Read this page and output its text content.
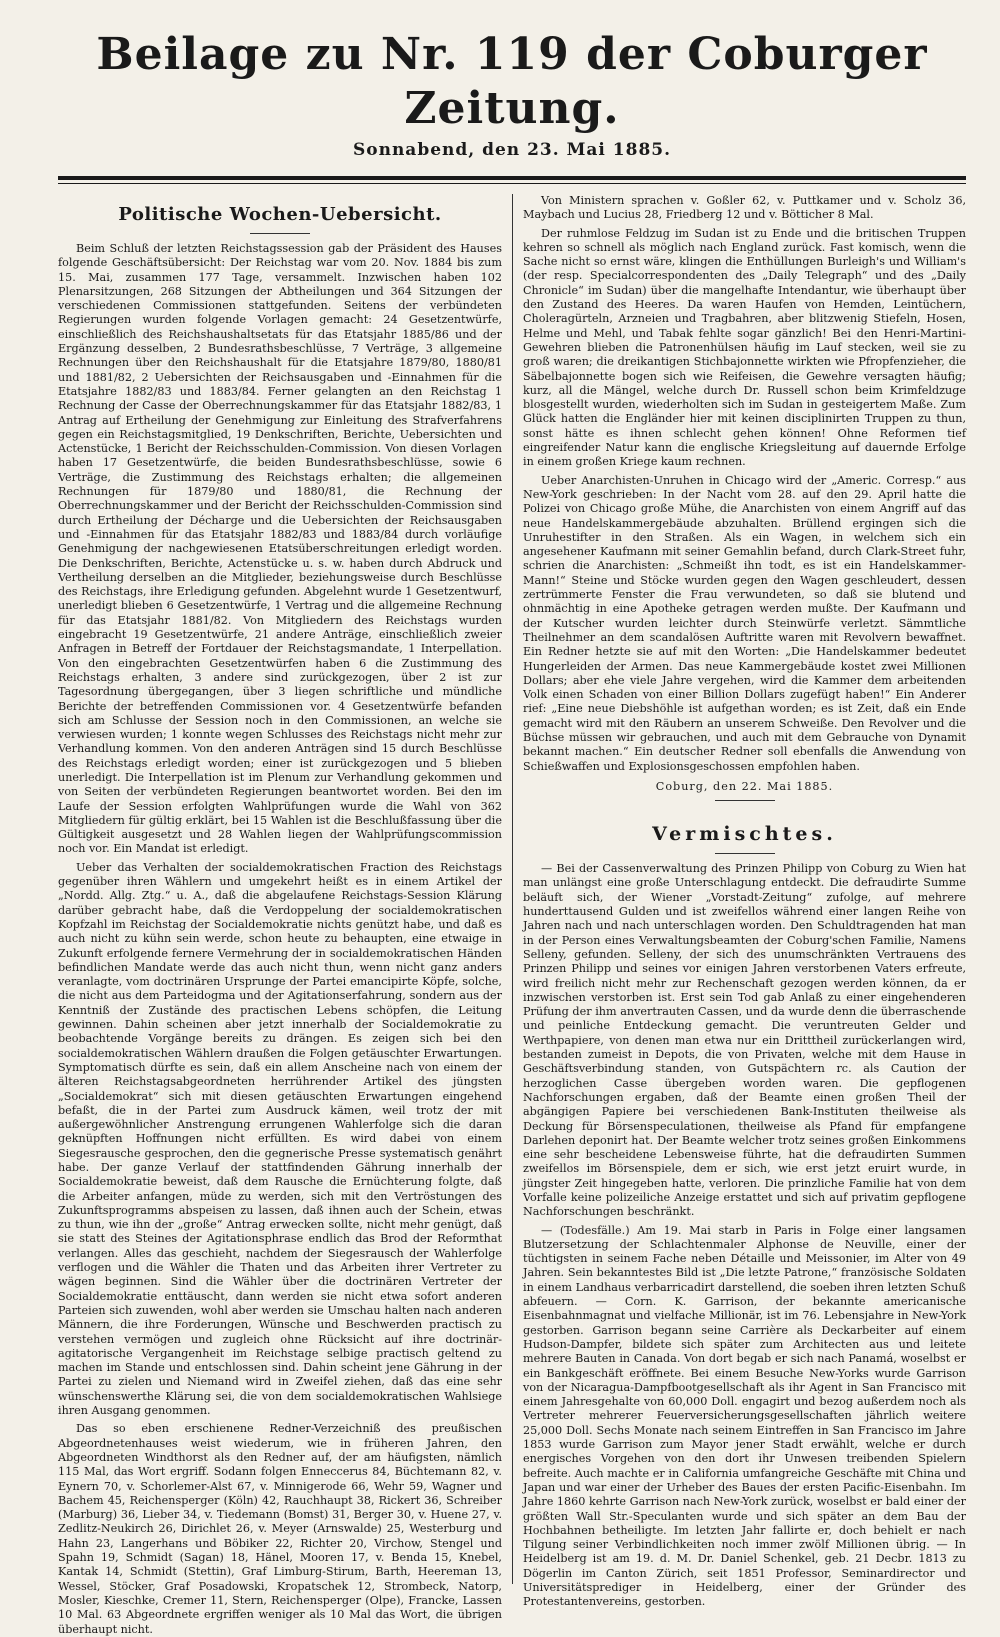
Beilage zu Nr. 119 der Coburger Zeitung.
Sonnabend, den 23. Mai 1885.
Politische Wochen-Uebersicht.

Beim Schluß der letzten Reichstagssession gab der Präsident des Hauses folgende Geschäftsübersicht: Der Reichstag war vom 20. Nov. 1884 bis zum 15. Mai, zusammen 177 Tage, versammelt. Inzwischen haben 102 Plenarsitzungen, 268 Sitzungen der Abtheilungen und 364 Sitzungen der verschiedenen Commissionen stattgefunden. Seitens der verbündeten Regierungen wurden folgende Vorlagen gemacht: 24 Gesetzentwürfe, einschließlich des Reichshaushaltsetats für das Etatsjahr 1885/86 und der Ergänzung desselben, 2 Bundesrathsbeschlüsse, 7 Verträge, 3 allgemeine Rechnungen über den Reichshaushalt für die Etatsjahre 1879/80, 1880/81 und 1881/82, 2 Uebersichten der Reichsausgaben und -Einnahmen für die Etatsjahre 1882/83 und 1883/84. Ferner gelangten an den Reichstag 1 Rechnung der Casse der Oberrechnungskammer für das Etatsjahr 1882/83, 1 Antrag auf Ertheilung der Genehmigung zur Einleitung des Strafverfahrens gegen ein Reichstagsmitglied, 19 Denkschriften, Berichte, Uebersichten und Actenstücke, 1 Bericht der Reichsschulden-Commission. Von diesen Vorlagen haben 17 Gesetzentwürfe, die beiden Bundesrathsbeschlüsse, sowie 6 Verträge, die Zustimmung des Reichstags erhalten; die allgemeinen Rechnungen für 1879/80 und 1880/81, die Rechnung der Oberrechnungskammer und der Bericht der Reichsschulden-Commission sind durch Ertheilung der Décharge und die Uebersichten der Reichsausgaben und -Einnahmen für das Etatsjahr 1882/83 und 1883/84 durch vorläufige Genehmigung der nachgewiesenen Etatsüberschreitungen erledigt worden. Die Denkschriften, Berichte, Actenstücke u. s. w. haben durch Abdruck und Vertheilung derselben an die Mitglieder, beziehungsweise durch Beschlüsse des Reichstags, ihre Erledigung gefunden. Abgelehnt wurde 1 Gesetzentwurf, unerledigt blieben 6 Gesetzentwürfe, 1 Vertrag und die allgemeine Rechnung für das Etatsjahr 1881/82. Von Mitgliedern des Reichstags wurden eingebracht 19 Gesetzentwürfe, 21 andere Anträge, einschließlich zweier Anfragen in Betreff der Fortdauer der Reichstagsmandate, 1 Interpellation. Von den eingebrachten Gesetzentwürfen haben 6 die Zustimmung des Reichstags erhalten, 3 andere sind zurückgezogen, über 2 ist zur Tagesordnung übergegangen, über 3 liegen schriftliche und mündliche Berichte der betreffenden Commissionen vor. 4 Gesetzentwürfe befanden sich am Schlusse der Session noch in den Commissionen, an welche sie verwiesen wurden; 1 konnte wegen Schlusses des Reichstags nicht mehr zur Verhandlung kommen. Von den anderen Anträgen sind 15 durch Beschlüsse des Reichstags erledigt worden; einer ist zurückgezogen und 5 blieben unerledigt. Die Interpellation ist im Plenum zur Verhandlung gekommen und von Seiten der verbündeten Regierungen beantwortet worden. Bei den im Laufe der Session erfolgten Wahlprüfungen wurde die Wahl von 362 Mitgliedern für gültig erklärt, bei 15 Wahlen ist die Beschlußfassung über die Gültigkeit ausgesetzt und 28 Wahlen liegen der Wahlprüfungscommission noch vor. Ein Mandat ist erledigt.

Ueber das Verhalten der socialdemokratischen Fraction des Reichstags gegenüber ihren Wählern und umgekehrt heißt es in einem Artikel der „Nordd. Allg. Ztg.“ u. A., daß die abgelaufene Reichstags-Session Klärung darüber gebracht habe, daß die Verdoppelung der socialdemokratischen Kopfzahl im Reichstag der Socialdemokratie nichts genützt habe, und daß es auch nicht zu kühn sein werde, schon heute zu behaupten, eine etwaige in Zukunft erfolgende fernere Vermehrung der in socialdemokratischen Händen befindlichen Mandate werde das auch nicht thun, wenn nicht ganz anders veranlagte, vom doctrinären Ursprunge der Partei emancipirte Köpfe, solche, die nicht aus dem Parteidogma und der Agitationserfahrung, sondern aus der Kenntniß der Zustände des practischen Lebens schöpfen, die Leitung gewinnen. Dahin scheinen aber jetzt innerhalb der Socialdemokratie zu beobachtende Vorgänge bereits zu drängen. Es zeigen sich bei den socialdemokratischen Wählern draußen die Folgen getäuschter Erwartungen. Symptomatisch dürfte es sein, daß ein allem Anscheine nach von einem der älteren Reichstagsabgeordneten herrührender Artikel des jüngsten „Socialdemokrat“ sich mit diesen getäuschten Erwartungen eingehend befaßt, die in der Partei zum Ausdruck kämen, weil trotz der mit außergewöhnlicher Anstrengung errungenen Wahlerfolge sich die daran geknüpften Hoffnungen nicht erfüllten. Es wird dabei von einem Siegesrausche gesprochen, den die gegnerische Presse systematisch genährt habe. Der ganze Verlauf der stattfindenden Gährung innerhalb der Socialdemokratie beweist, daß dem Rausche die Ernüchterung folgte, daß die Arbeiter anfangen, müde zu werden, sich mit den Vertröstungen des Zukunftsprogramms abspeisen zu lassen, daß ihnen auch der Schein, etwas zu thun, wie ihn der „große“ Antrag erwecken sollte, nicht mehr genügt, daß sie statt des Steines der Agitationsphrase endlich das Brod der Reformthat verlangen. Alles das geschieht, nachdem der Siegesrausch der Wahlerfolge verflogen und die Wähler die Thaten und das Arbeiten ihrer Vertreter zu wägen beginnen. Sind die Wähler über die doctrinären Vertreter der Socialdemokratie enttäuscht, dann werden sie nicht etwa sofort anderen Parteien sich zuwenden, wohl aber werden sie Umschau halten nach anderen Männern, die ihre Forderungen, Wünsche und Beschwerden practisch zu verstehen vermögen und zugleich ohne Rücksicht auf ihre doctrinär-agitatorische Vergangenheit im Reichstage selbige practisch geltend zu machen im Stande und entschlossen sind. Dahin scheint jene Gährung in der Partei zu zielen und Niemand wird in Zweifel ziehen, daß das eine sehr wünschenswerthe Klärung sei, die von dem socialdemokratischen Wahlsiege ihren Ausgang genommen.

Das so eben erschienene Redner-Verzeichniß des preußischen Abgeordnetenhauses weist wiederum, wie in früheren Jahren, den Abgeordneten Windthorst als den Redner auf, der am häufigsten, nämlich 115 Mal, das Wort ergriff. Sodann folgen Enneccerus 84, Büchtemann 82, v. Eynern 70, v. Schorlemer-Alst 67, v. Minnigerode 66, Wehr 59, Wagner und Bachem 45, Reichensperger (Köln) 42, Rauchhaupt 38, Rickert 36, Schreiber (Marburg) 36, Lieber 34, v. Tiedemann (Bomst) 31, Berger 30, v. Huene 27, v. Zedlitz-Neukirch 26, Dirichlet 26, v. Meyer (Arnswalde) 25, Westerburg und Hahn 23, Langerhans und Böbiker 22, Richter 20, Virchow, Stengel und Spahn 19, Schmidt (Sagan) 18, Hänel, Mooren 17, v. Benda 15, Knebel, Kantak 14, Schmidt (Stettin), Graf Limburg-Stirum, Barth, Heereman 13, Wessel, Stöcker, Graf Posadowski, Kropatschek 12, Strombeck, Natorp, Mosler, Kieschke, Cremer 11, Stern, Reichensperger (Olpe), Francke, Lassen 10 Mal. 63 Abgeordnete ergriffen weniger als 10 Mal das Wort, die übrigen überhaupt nicht.

Von Ministern sprachen v. Goßler 62, v. Puttkamer und v. Scholz 36, Maybach und Lucius 28, Friedberg 12 und v. Bötticher 8 Mal.

Der ruhmlose Feldzug im Sudan ist zu Ende und die britischen Truppen kehren so schnell als möglich nach England zurück. Fast komisch, wenn die Sache nicht so ernst wäre, klingen die Enthüllungen Burleigh's und William's (der resp. Specialcorrespondenten des „Daily Telegraph“ und des „Daily Chronicle“ im Sudan) über die mangelhafte Intendantur, wie überhaupt über den Zustand des Heeres. Da waren Haufen von Hemden, Leintüchern, Choleragürteln, Arzneien und Tragbahren, aber blitzwenig Stiefeln, Hosen, Helme und Mehl, und Tabak fehlte sogar gänzlich! Bei den Henri-Martini-Gewehren blieben die Patronenhülsen häufig im Lauf stecken, weil sie zu groß waren; die dreikantigen Stichbajonnette wirkten wie Pfropfenzieher, die Säbelbajonnette bogen sich wie Reifeisen, die Gewehre versagten häufig; kurz, all die Mängel, welche durch Dr. Russell schon beim Krimfeldzuge blosgestellt wurden, wiederholten sich im Sudan in gesteigertem Maße. Zum Glück hatten die Engländer hier mit keinen disciplinirten Truppen zu thun, sonst hätte es ihnen schlecht gehen können! Ohne Reformen tief eingreifender Natur kann die englische Kriegsleitung auf dauernde Erfolge in einem großen Kriege kaum rechnen.

Ueber Anarchisten-Unruhen in Chicago wird der „Americ. Corresp.“ aus New-York geschrieben: In der Nacht vom 28. auf den 29. April hatte die Polizei von Chicago große Mühe, die Anarchisten von einem Angriff auf das neue Handelskammergebäude abzuhalten. Brüllend ergingen sich die Unruhestifter in den Straßen. Als ein Wagen, in welchem sich ein angesehener Kaufmann mit seiner Gemahlin befand, durch Clark-Street fuhr, schrien die Anarchisten: „Schmeißt ihn todt, es ist ein Handelskammer-Mann!“ Steine und Stöcke wurden gegen den Wagen geschleudert, dessen zertrümmerte Fenster die Frau verwundeten, so daß sie blutend und ohnmächtig in eine Apotheke getragen werden mußte. Der Kaufmann und der Kutscher wurden leichter durch Steinwürfe verletzt. Sämmtliche Theilnehmer an dem scandalösen Auftritte waren mit Revolvern bewaffnet. Ein Redner hetzte sie auf mit den Worten: „Die Handelskammer bedeutet Hungerleiden der Armen. Das neue Kammergebäude kostet zwei Millionen Dollars; aber ehe viele Jahre vergehen, wird die Kammer dem arbeitenden Volk einen Schaden von einer Billion Dollars zugefügt haben!“ Ein Anderer rief: „Eine neue Diebshöhle ist aufgethan worden; es ist Zeit, daß ein Ende gemacht wird mit den Räubern an unserem Schweiße. Den Revolver und die Büchse müssen wir gebrauchen, und auch mit dem Gebrauche von Dynamit bekannt machen.“ Ein deutscher Redner soll ebenfalls die Anwendung von Schießwaffen und Explosionsgeschossen empfohlen haben.

Coburg, den 22. Mai 1885.

Vermischtes.

— Bei der Cassenverwaltung des Prinzen Philipp von Coburg zu Wien hat man unlängst eine große Unterschlagung entdeckt. Die defraudirte Summe beläuft sich, der Wiener „Vorstadt-Zeitung“ zufolge, auf mehrere hunderttausend Gulden und ist zweifellos während einer langen Reihe von Jahren nach und nach unterschlagen worden. Den Schuldtragenden hat man in der Person eines Verwaltungsbeamten der Coburg'schen Familie, Namens Selleny, gefunden. Selleny, der sich des unumschränkten Vertrauens des Prinzen Philipp und seines vor einigen Jahren verstorbenen Vaters erfreute, wird freilich nicht mehr zur Rechenschaft gezogen werden können, da er inzwischen verstorben ist. Erst sein Tod gab Anlaß zu einer eingehenderen Prüfung der ihm anvertrauten Cassen, und da wurde denn die überraschende und peinliche Entdeckung gemacht. Die veruntreuten Gelder und Werthpapiere, von denen man etwa nur ein Dritttheil zurückerlangen wird, bestanden zumeist in Depots, die von Privaten, welche mit dem Hause in Geschäftsverbindung standen, von Gutspächtern rc. als Caution der herzoglichen Casse übergeben worden waren. Die gepflogenen Nachforschungen ergaben, daß der Beamte einen großen Theil der abgängigen Papiere bei verschiedenen Bank-Instituten theilweise als Deckung für Börsenspeculationen, theilweise als Pfand für empfangene Darlehen deponirt hat. Der Beamte welcher trotz seines großen Einkommens eine sehr bescheidene Lebensweise führte, hat die defraudirten Summen zweifellos im Börsenspiele, dem er sich, wie erst jetzt eruirt wurde, in jüngster Zeit hingegeben hatte, verloren. Die prinzliche Familie hat von dem Vorfalle keine polizeiliche Anzeige erstattet und sich auf privatim gepflogene Nachforschungen beschränkt.

— (Todesfälle.) Am 19. Mai starb in Paris in Folge einer langsamen Blutzersetzung der Schlachtenmaler Alphonse de Neuville, einer der tüchtigsten in seinem Fache neben Détaille und Meissonier, im Alter von 49 Jahren. Sein bekanntestes Bild ist „Die letzte Patrone,“ französische Soldaten in einem Landhaus verbarricadirt darstellend, die soeben ihren letzten Schuß abfeuern. — Corn. K. Garrison, der bekannte americanische Eisenbahnmagnat und vielfache Millionär, ist im 76. Lebensjahre in New-York gestorben. Garrison begann seine Carrière als Deckarbeiter auf einem Hudson-Dampfer, bildete sich später zum Architecten aus und leitete mehrere Bauten in Canada. Von dort begab er sich nach Panamá, woselbst er ein Bankgeschäft eröffnete. Bei einem Besuche New-Yorks wurde Garrison von der Nicaragua-Dampfbootgesellschaft als ihr Agent in San Francisco mit einem Jahresgehalte von 60,000 Doll. engagirt und bezog außerdem noch als Vertreter mehrerer Feuerversicherungsgesellschaften jährlich weitere 25,000 Doll. Sechs Monate nach seinem Eintreffen in San Francisco im Jahre 1853 wurde Garrison zum Mayor jener Stadt erwählt, welche er durch energisches Vorgehen von den dort ihr Unwesen treibenden Spielern befreite. Auch machte er in California umfangreiche Geschäfte mit China und Japan und war einer der Urheber des Baues der ersten Pacific-Eisenbahn. Im Jahre 1860 kehrte Garrison nach New-York zurück, woselbst er bald einer der größten Wall Str.-Speculanten wurde und sich später an dem Bau der Hochbahnen betheiligte. Im letzten Jahr fallirte er, doch behielt er nach Tilgung seiner Verbindlichkeiten noch immer zwölf Millionen übrig. — In Heidelberg ist am 19. d. M. Dr. Daniel Schenkel, geb. 21 Decbr. 1813 zu Dögerlin im Canton Zürich, seit 1851 Professor, Seminardirector und Universitätsprediger in Heidelberg, einer der Gründer des Protestantenvereins, gestorben.
